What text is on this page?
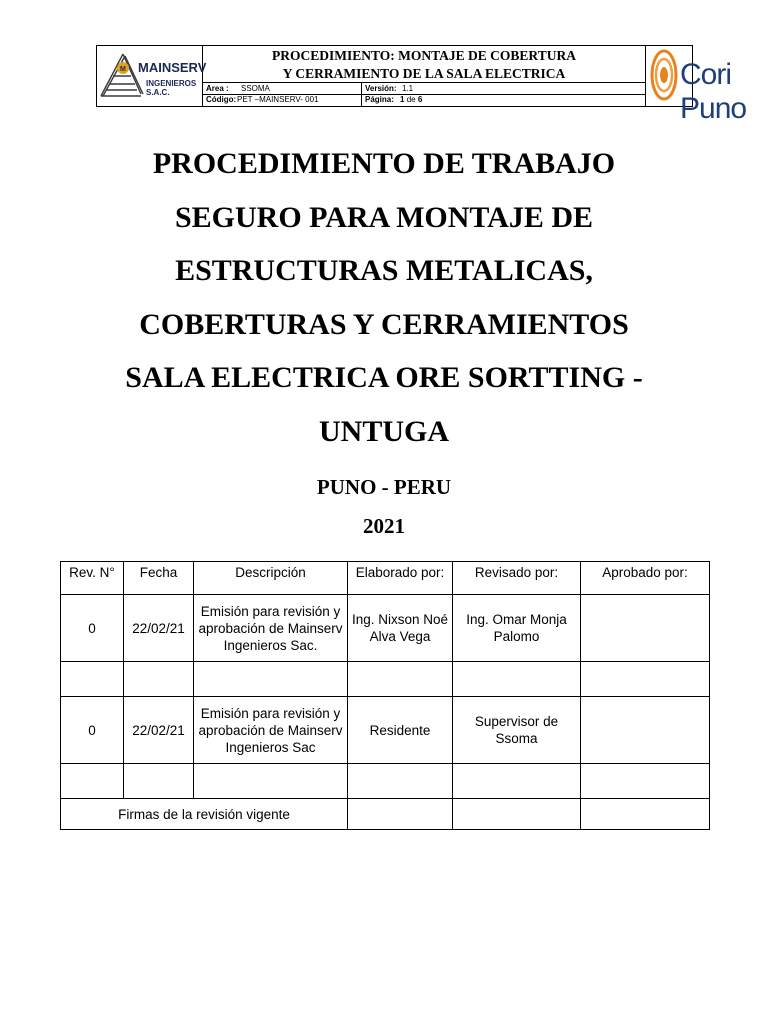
M MAINSERV
INGENIEROS S.A.C.
PROCEDIMIENTO: MONTAJE DE COBERTURA
Y CERRAMIENTO DE LA SALA ELECTRICA
Area : SSOMA	Versión: 1.1
Código: PET –MAINSERV- 001	Página: 1 de 6
Cori Puno
PROCEDIMIENTO DE TRABAJO
SEGURO PARA MONTAJE DE
ESTRUCTURAS METALICAS,
COBERTURAS Y CERRAMIENTOS
SALA ELECTRICA ORE SORTTING -
UNTUGA
PUNO - PERU
2021
Rev. N°	Fecha	Descripción	Elaborado por:	Revisado por:	Aprobado por:
0	22/02/21	Emisión para revisión y aprobación de Mainserv Ingenieros Sac.	Ing. Nixson Noé Alva Vega	Ing. Omar Monja Palomo	

0	22/02/21	Emisión para revisión y aprobación de Mainserv Ingenieros Sac	Residente	Supervisor de Ssoma	

Firmas de la revisión vigente					
